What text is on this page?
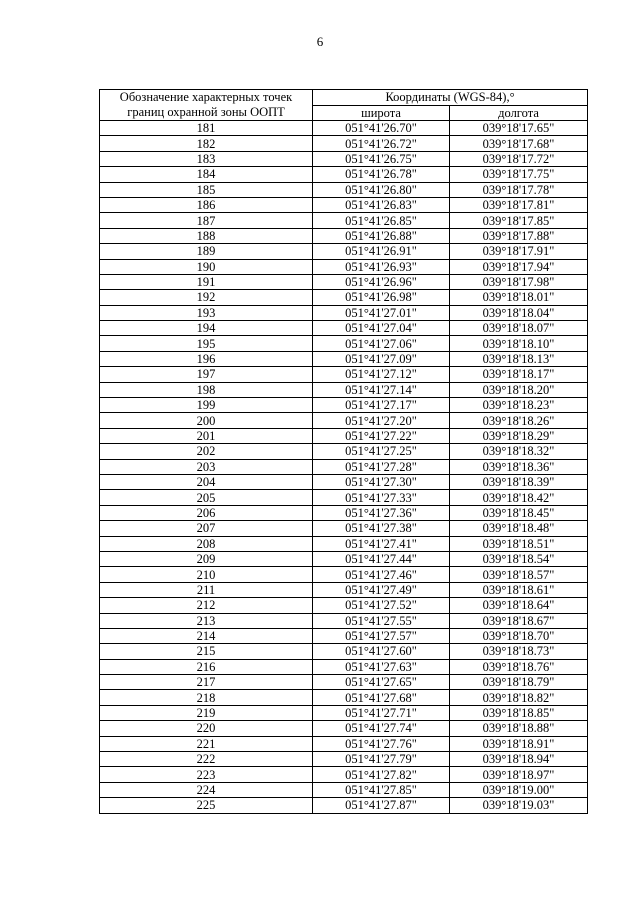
6
Обозначение характерных точек
границ охранной зоны ООПТ	Координаты (WGS-84),°	
	широта	долгота
181	051°41'26.70"	039°18'17.65"
182	051°41'26.72"	039°18'17.68"
183	051°41'26.75"	039°18'17.72"
184	051°41'26.78"	039°18'17.75"
185	051°41'26.80"	039°18'17.78"
186	051°41'26.83"	039°18'17.81"
187	051°41'26.85"	039°18'17.85"
188	051°41'26.88"	039°18'17.88"
189	051°41'26.91"	039°18'17.91"
190	051°41'26.93"	039°18'17.94"
191	051°41'26.96"	039°18'17.98"
192	051°41'26.98"	039°18'18.01"
193	051°41'27.01"	039°18'18.04"
194	051°41'27.04"	039°18'18.07"
195	051°41'27.06"	039°18'18.10"
196	051°41'27.09"	039°18'18.13"
197	051°41'27.12"	039°18'18.17"
198	051°41'27.14"	039°18'18.20"
199	051°41'27.17"	039°18'18.23"
200	051°41'27.20"	039°18'18.26"
201	051°41'27.22"	039°18'18.29"
202	051°41'27.25"	039°18'18.32"
203	051°41'27.28"	039°18'18.36"
204	051°41'27.30"	039°18'18.39"
205	051°41'27.33"	039°18'18.42"
206	051°41'27.36"	039°18'18.45"
207	051°41'27.38"	039°18'18.48"
208	051°41'27.41"	039°18'18.51"
209	051°41'27.44"	039°18'18.54"
210	051°41'27.46"	039°18'18.57"
211	051°41'27.49"	039°18'18.61"
212	051°41'27.52"	039°18'18.64"
213	051°41'27.55"	039°18'18.67"
214	051°41'27.57"	039°18'18.70"
215	051°41'27.60"	039°18'18.73"
216	051°41'27.63"	039°18'18.76"
217	051°41'27.65"	039°18'18.79"
218	051°41'27.68"	039°18'18.82"
219	051°41'27.71"	039°18'18.85"
220	051°41'27.74"	039°18'18.88"
221	051°41'27.76"	039°18'18.91"
222	051°41'27.79"	039°18'18.94"
223	051°41'27.82"	039°18'18.97"
224	051°41'27.85"	039°18'19.00"
225	051°41'27.87"	039°18'19.03"
